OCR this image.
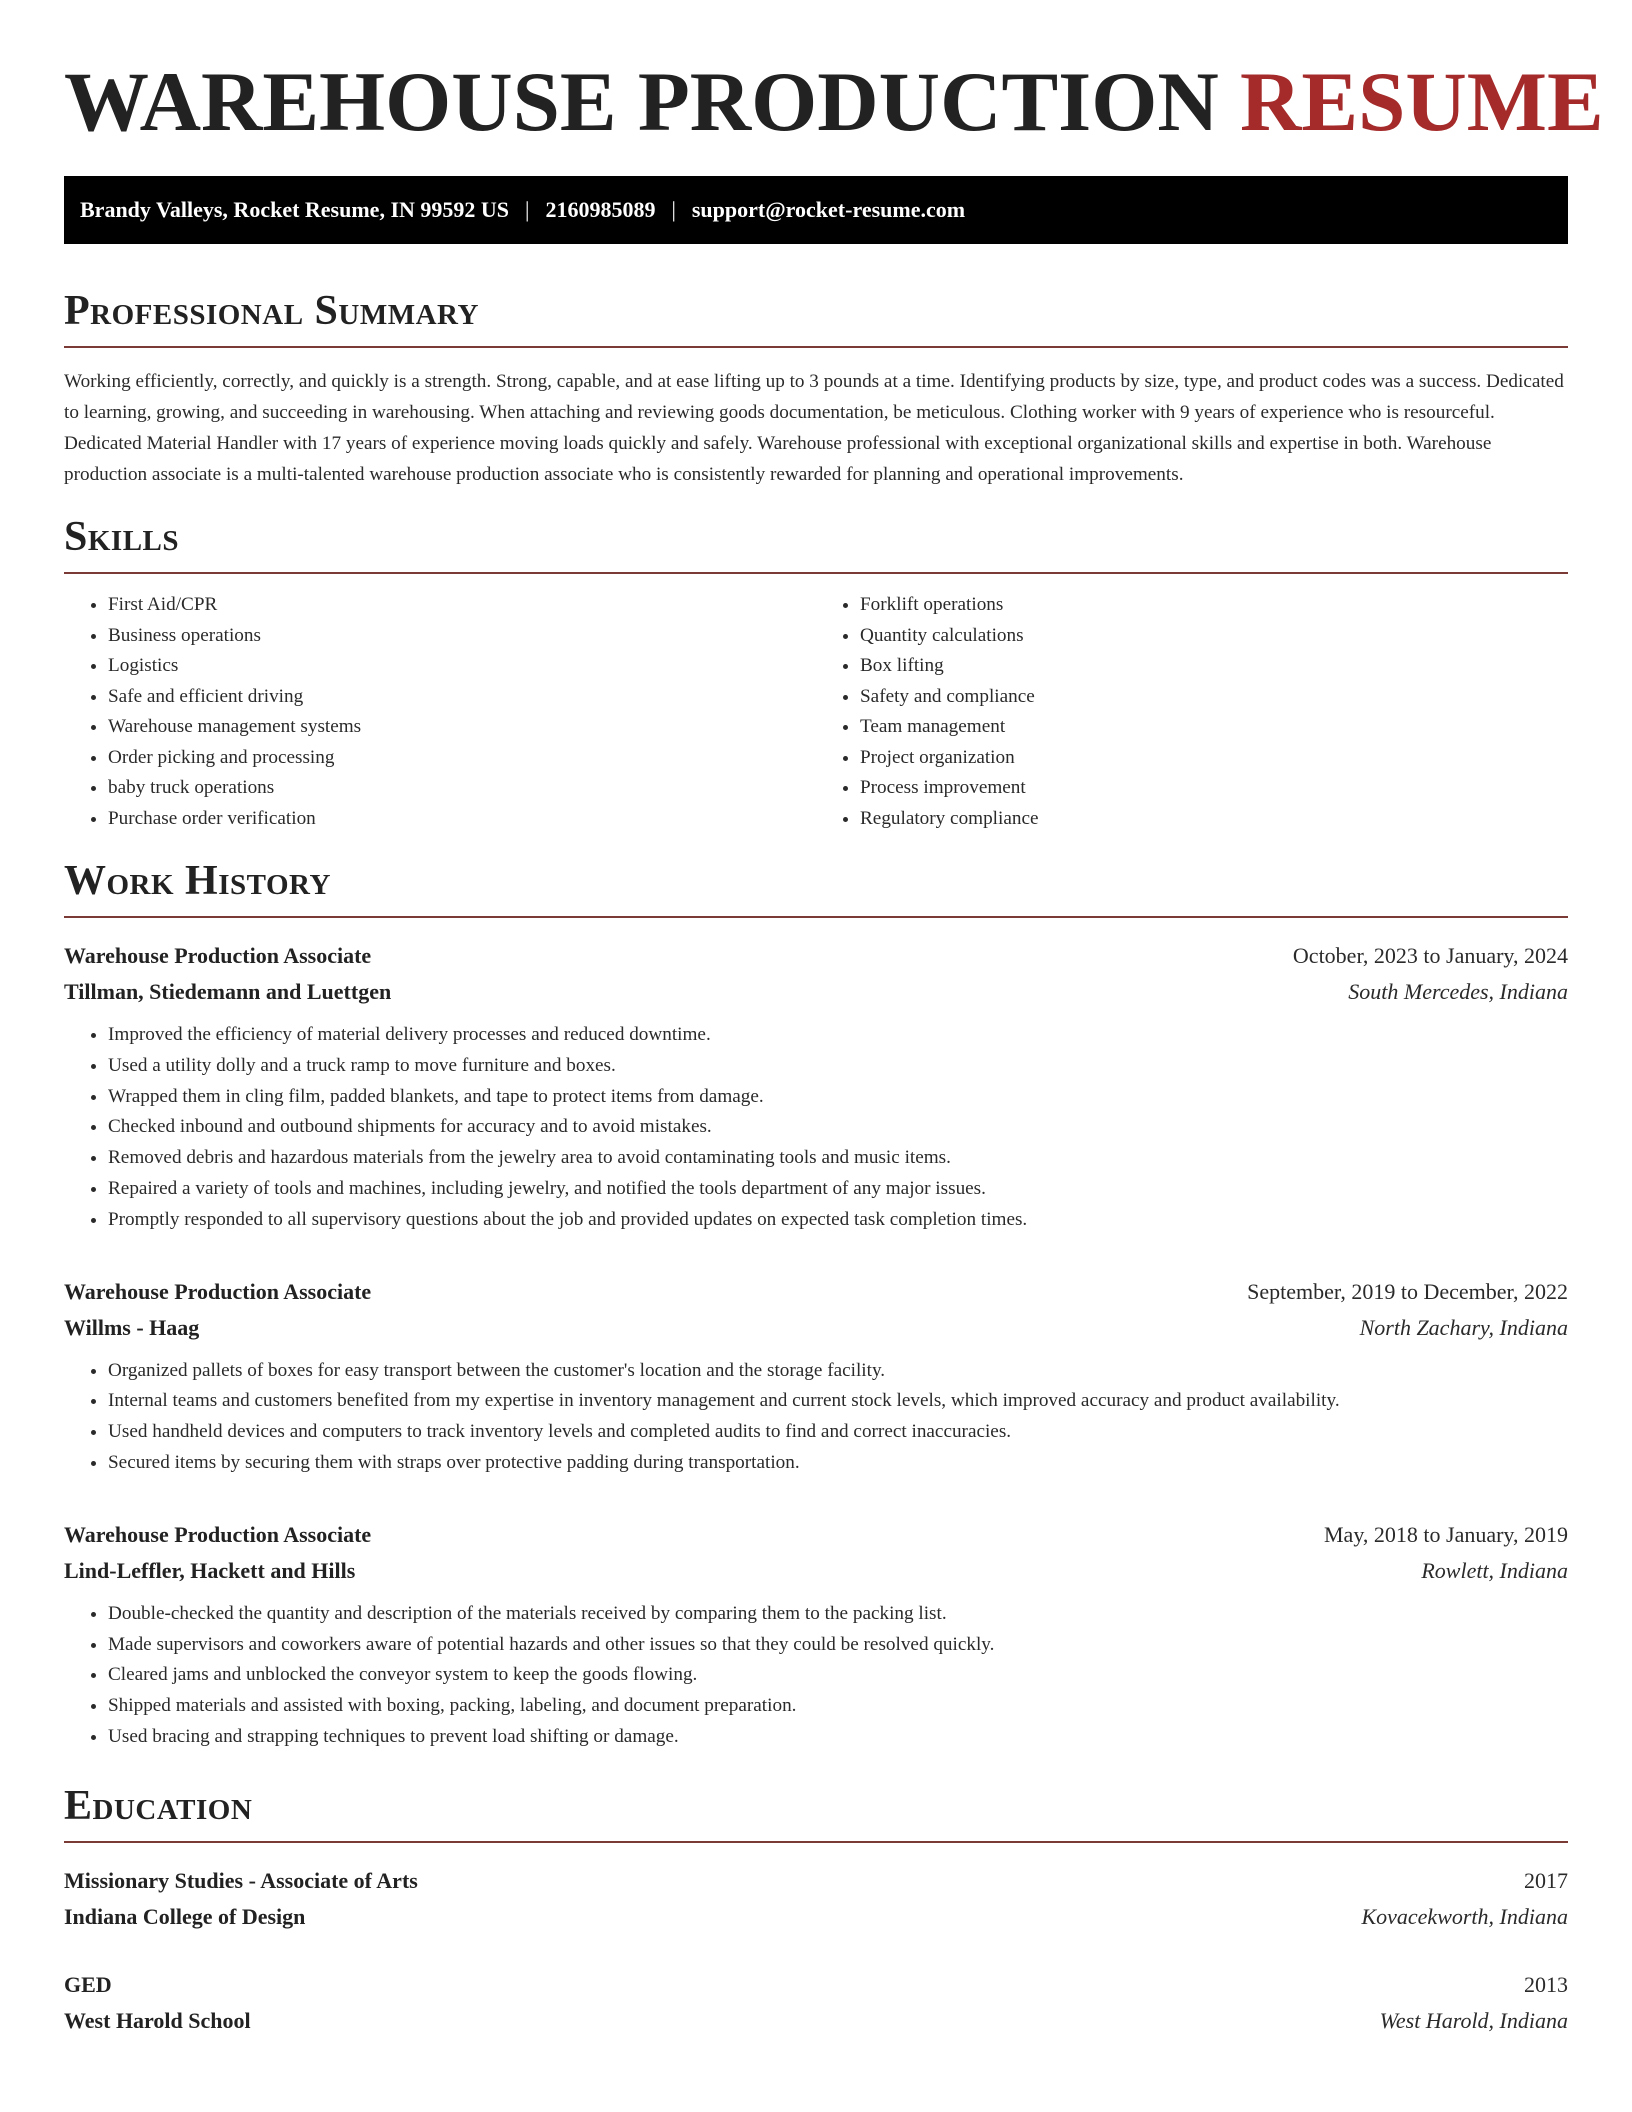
WAREHOUSE PRODUCTION RESUME
Brandy Valleys, Rocket Resume, IN 99592 US | 2160985089 | support@rocket-resume.com
Professional Summary

Working efficiently, correctly, and quickly is a strength. Strong, capable, and at ease lifting up to 3 pounds at a time. Identifying products by size, type, and product codes was a success. Dedicated to learning, growing, and succeeding in warehousing. When attaching and reviewing goods documentation, be meticulous. Clothing worker with 9 years of experience who is resourceful. Dedicated Material Handler with 17 years of experience moving loads quickly and safely. Warehouse professional with exceptional organizational skills and expertise in both. Warehouse production associate is a multi-talented warehouse production associate who is consistently rewarded for planning and operational improvements.

Skills
• First Aid/CPR
• Business operations
• Logistics
• Safe and efficient driving
• Warehouse management systems
• Order picking and processing
• baby truck operations
• Purchase order verification
• Forklift operations
• Quantity calculations
• Box lifting
• Safety and compliance
• Team management
• Project organization
• Process improvement
• Regulatory compliance
Work History
Warehouse Production Associate	October, 2023 to January, 2024
Tillman, Stiedemann and Luettgen	South Mercedes, Indiana
• Improved the efficiency of material delivery processes and reduced downtime.
• Used a utility dolly and a truck ramp to move furniture and boxes.
• Wrapped them in cling film, padded blankets, and tape to protect items from damage.
• Checked inbound and outbound shipments for accuracy and to avoid mistakes.
• Removed debris and hazardous materials from the jewelry area to avoid contaminating tools and music items.
• Repaired a variety of tools and machines, including jewelry, and notified the tools department of any major issues.
• Promptly responded to all supervisory questions about the job and provided updates on expected task completion times.
Warehouse Production Associate	September, 2019 to December, 2022
Willms - Haag	North Zachary, Indiana
• Organized pallets of boxes for easy transport between the customer's location and the storage facility.
• Internal teams and customers benefited from my expertise in inventory management and current stock levels, which improved accuracy and product availability.
• Used handheld devices and computers to track inventory levels and completed audits to find and correct inaccuracies.
• Secured items by securing them with straps over protective padding during transportation.
Warehouse Production Associate	May, 2018 to January, 2019
Lind-Leffler, Hackett and Hills	Rowlett, Indiana
• Double-checked the quantity and description of the materials received by comparing them to the packing list.
• Made supervisors and coworkers aware of potential hazards and other issues so that they could be resolved quickly.
• Cleared jams and unblocked the conveyor system to keep the goods flowing.
• Shipped materials and assisted with boxing, packing, labeling, and document preparation.
• Used bracing and strapping techniques to prevent load shifting or damage.
Education
Missionary Studies - Associate of Arts	2017
Indiana College of Design	Kovacekworth, Indiana
GED	2013
West Harold School	West Harold, Indiana
